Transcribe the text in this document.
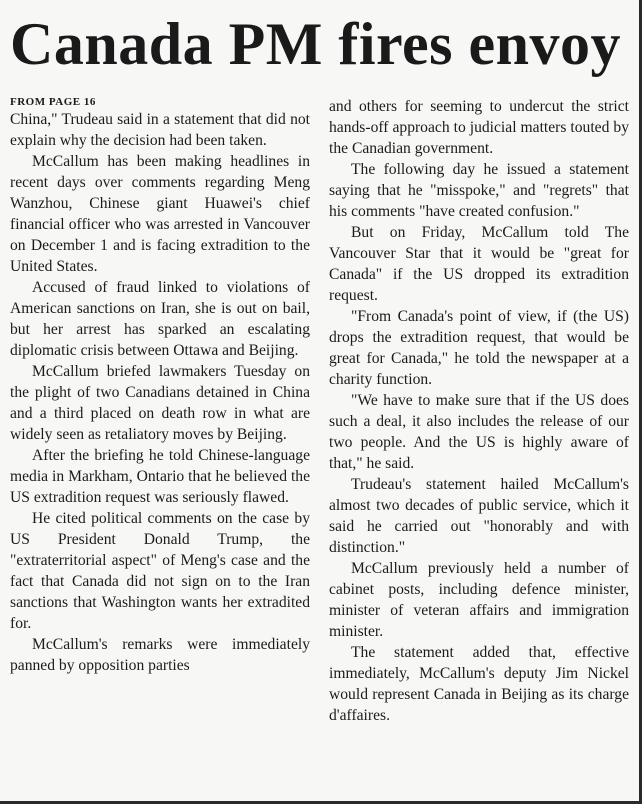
Canada PM fires envoy
FROM PAGE 16

China," Trudeau said in a statement that did not explain why the decision had been taken.

McCallum has been making headlines in recent days over comments regarding Meng Wanzhou, Chinese giant Huawei's chief financial officer who was arrested in Vancouver on December 1 and is facing extradition to the United States.

Accused of fraud linked to violations of American sanctions on Iran, she is out on bail, but her arrest has sparked an escalating diplomatic crisis between Ottawa and Beijing.

McCallum briefed lawmakers Tuesday on the plight of two Canadians detained in China and a third placed on death row in what are widely seen as retaliatory moves by Beijing.

After the briefing he told Chinese-language media in Markham, Ontario that he believed the US extradition request was seriously flawed.

He cited political comments on the case by US President Donald Trump, the "extraterritorial aspect" of Meng's case and the fact that Canada did not sign on to the Iran sanctions that Washington wants her extradited for.

McCallum's remarks were immediately panned by opposition parties

and others for seeming to undercut the strict hands-off approach to judicial matters touted by the Canadian government.

The following day he issued a statement saying that he "misspoke," and "regrets" that his comments "have created confusion."

But on Friday, McCallum told The Vancouver Star that it would be "great for Canada" if the US dropped its extradition request.

"From Canada's point of view, if (the US) drops the extradition request, that would be great for Canada," he told the newspaper at a charity function.

"We have to make sure that if the US does such a deal, it also includes the release of our two people. And the US is highly aware of that," he said.

Trudeau's statement hailed McCallum's almost two decades of public service, which it said he carried out "honorably and with distinction."

McCallum previously held a number of cabinet posts, including defence minister, minister of veteran affairs and immigration minister.

The statement added that, effective immediately, McCallum's deputy Jim Nickel would represent Canada in Beijing as its charge d'affaires.
